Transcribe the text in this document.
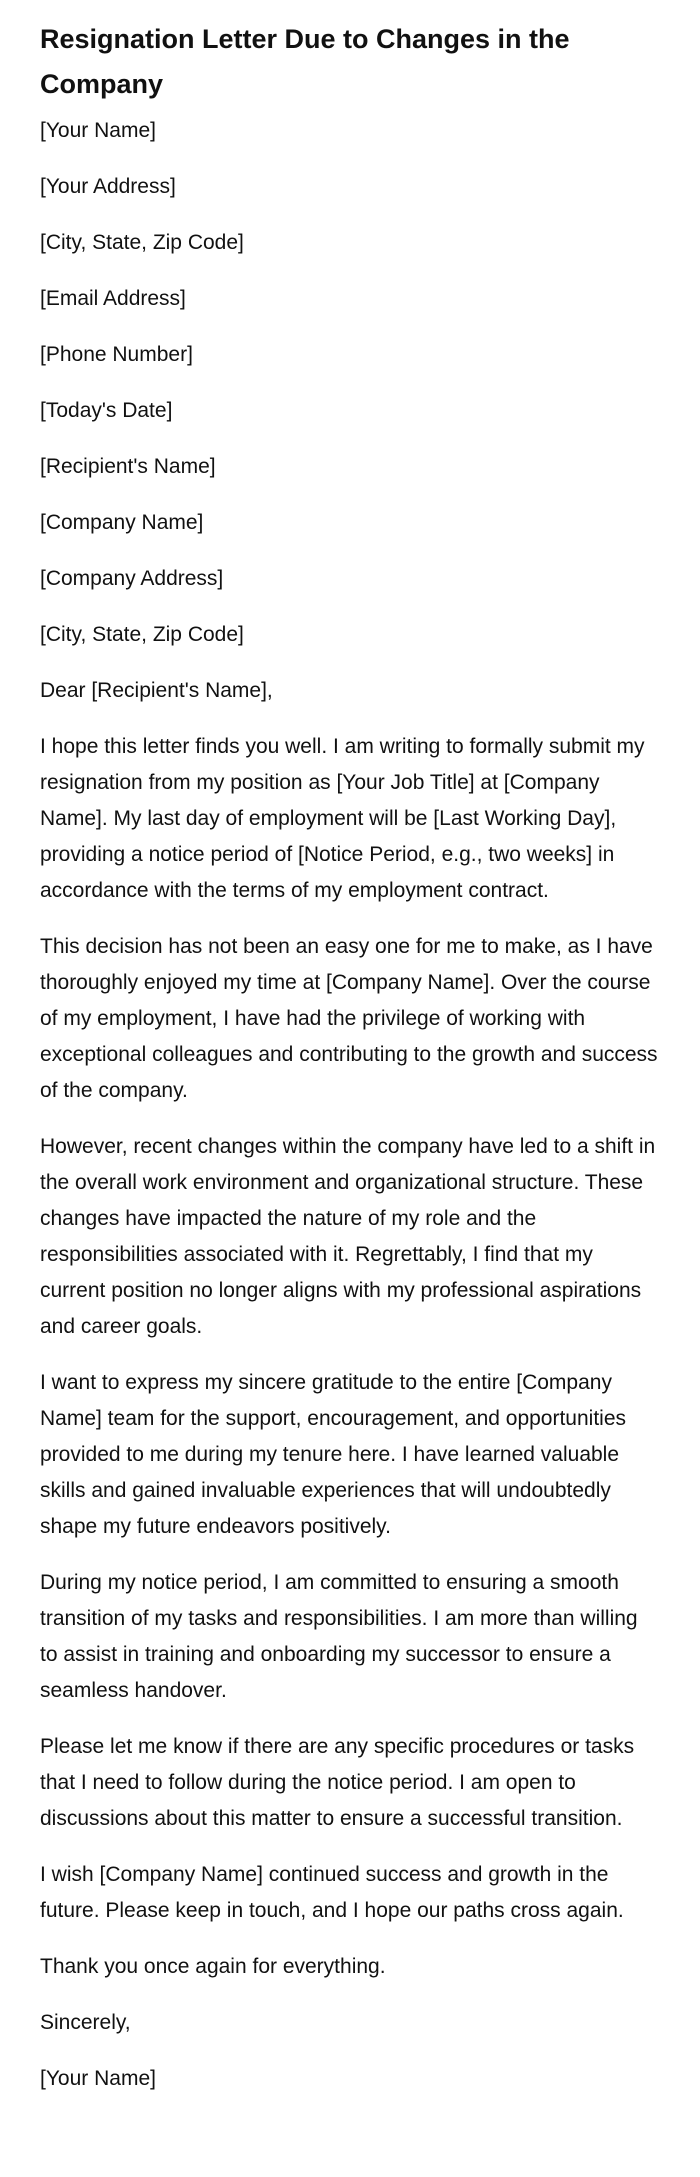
Resignation Letter Due to Changes in the Company
[Your Name]
[Your Address]
[City, State, Zip Code]
[Email Address]
[Phone Number]
[Today's Date]
[Recipient's Name]
[Company Name]
[Company Address]
[City, State, Zip Code]
Dear [Recipient's Name],

I hope this letter finds you well. I am writing to formally submit my resignation from my position as [Your Job Title] at [Company Name]. My last day of employment will be [Last Working Day], providing a notice period of [Notice Period, e.g., two weeks] in accordance with the terms of my employment contract.

This decision has not been an easy one for me to make, as I have thoroughly enjoyed my time at [Company Name]. Over the course of my employment, I have had the privilege of working with exceptional colleagues and contributing to the growth and success of the company.

However, recent changes within the company have led to a shift in the overall work environment and organizational structure. These changes have impacted the nature of my role and the responsibilities associated with it. Regrettably, I find that my current position no longer aligns with my professional aspirations and career goals.

I want to express my sincere gratitude to the entire [Company Name] team for the support, encouragement, and opportunities provided to me during my tenure here. I have learned valuable skills and gained invaluable experiences that will undoubtedly shape my future endeavors positively.

During my notice period, I am committed to ensuring a smooth transition of my tasks and responsibilities. I am more than willing to assist in training and onboarding my successor to ensure a seamless handover.

Please let me know if there are any specific procedures or tasks that I need to follow during the notice period. I am open to discussions about this matter to ensure a successful transition.

I wish [Company Name] continued success and growth in the future. Please keep in touch, and I hope our paths cross again.

Thank you once again for everything.

Sincerely,
[Your Name]
